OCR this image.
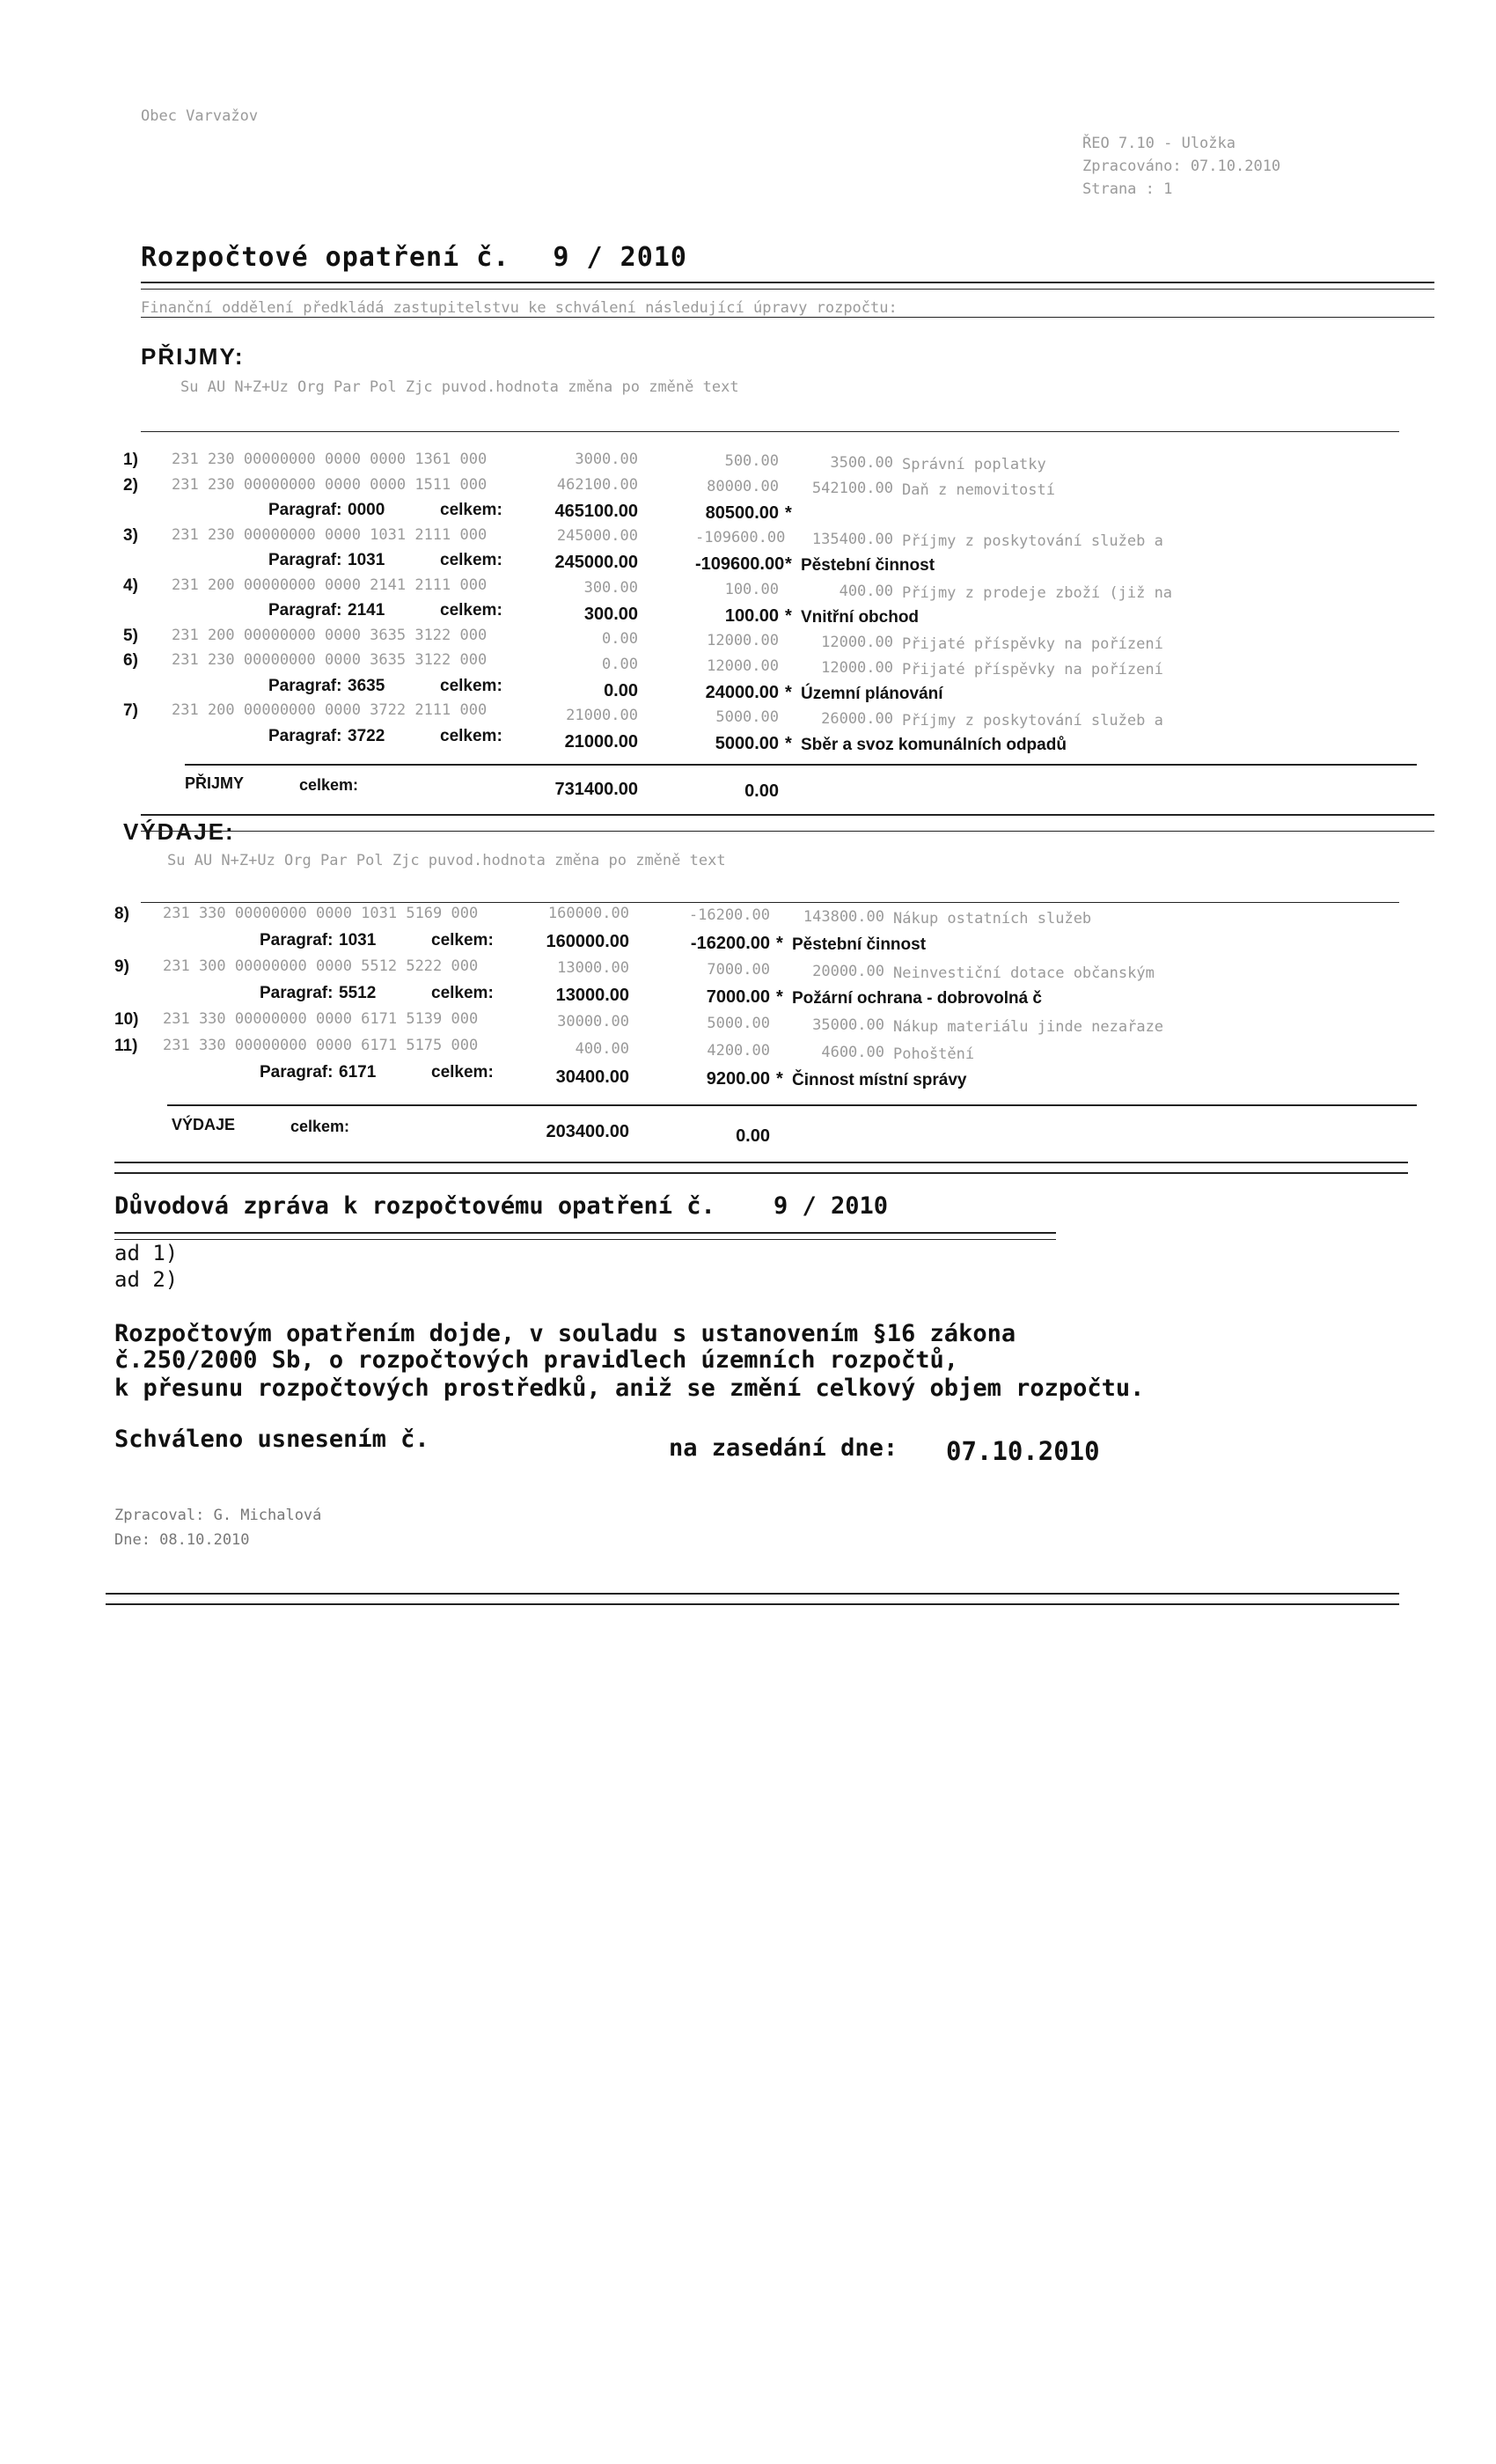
Obec Varvažov
ŘEO 7.10 - Uložka
Zpracováno: 07.10.2010
Strana : 1
Rozpočtové opatření č. 9 / 2010
Finanční oddělení předkládá zastupitelstvu ke schválení následující úpravy rozpočtu:
PŘIJMY:
Su AU N+Z+Uz Org Par Pol Zjc puvod.hodnota změna po změně text
1) 231 230 00000000 0000 0000 1361 000	3000.00	500.00	3500.00 Správní poplatky
2) 231 230 00000000 0000 0000 1511 000	462100.00	80000.00	542100.00 Daň z nemovitostí
Paragraf: 0000	celkem:	465100.00	80500.00 *
3) 231 230 00000000 0000 1031 2111 000	245000.00	-109600.00	135400.00 Příjmy z poskytování služeb a
Paragraf: 1031	celkem:	245000.00	-109600.00 * Pěstební činnost
4) 231 200 00000000 0000 2141 2111 000	300.00	100.00	400.00 Příjmy z prodeje zboží (již na
Paragraf: 2141	celkem:	300.00	100.00 * Vnitřní obchod
5) 231 200 00000000 0000 3635 3122 000	0.00	12000.00	12000.00 Přijaté příspěvky na pořízení
6) 231 230 00000000 0000 3635 3122 000	0.00	12000.00	12000.00 Přijaté příspěvky na pořízení
Paragraf: 3635	celkem:	0.00	24000.00 * Územní plánování
7) 231 200 00000000 0000 3722 2111 000	21000.00	5000.00	26000.00 Příjmy z poskytování služeb a
Paragraf: 3722	celkem:	21000.00	5000.00 * Sběr a svoz komunálních odpadů
PŘIJMY	celkem:	731400.00	0.00
VÝDAJE:
Su AU N+Z+Uz Org Par Pol Zjc puvod.hodnota změna po změně text
8) 231 330 00000000 0000 1031 5169 000	160000.00	-16200.00	143800.00 Nákup ostatních služeb
Paragraf: 1031	celkem:	160000.00	-16200.00 * Pěstební činnost
9) 231 300 00000000 0000 5512 5222 000	13000.00	7000.00	20000.00 Neinvestiční dotace občanským
Paragraf: 5512	celkem:	13000.00	7000.00 * Požární ochrana - dobrovolná č
10) 231 330 00000000 0000 6171 5139 000	30000.00	5000.00	35000.00 Nákup materiálu jinde nezařaze
11) 231 330 00000000 0000 6171 5175 000	400.00	4200.00	4600.00 Pohoštění
Paragraf: 6171	celkem:	30400.00	9200.00 * Činnost místní správy
VÝDAJE	celkem:	203400.00	0.00
Důvodová zpráva k rozpočtovému opatření č. 9 / 2010
ad 1)
ad 2)
Rozpočtovým opatřením dojde, v souladu s ustanovením §16 zákona
č.250/2000 Sb, o rozpočtových pravidlech územních rozpočtů,
k přesunu rozpočtových prostředků, aniž se změní celkový objem rozpočtu.
Schváleno usnesením č.	na zasedání dne: 07.10.2010
Zpracoval: G. Michalová
Dne: 08.10.2010
